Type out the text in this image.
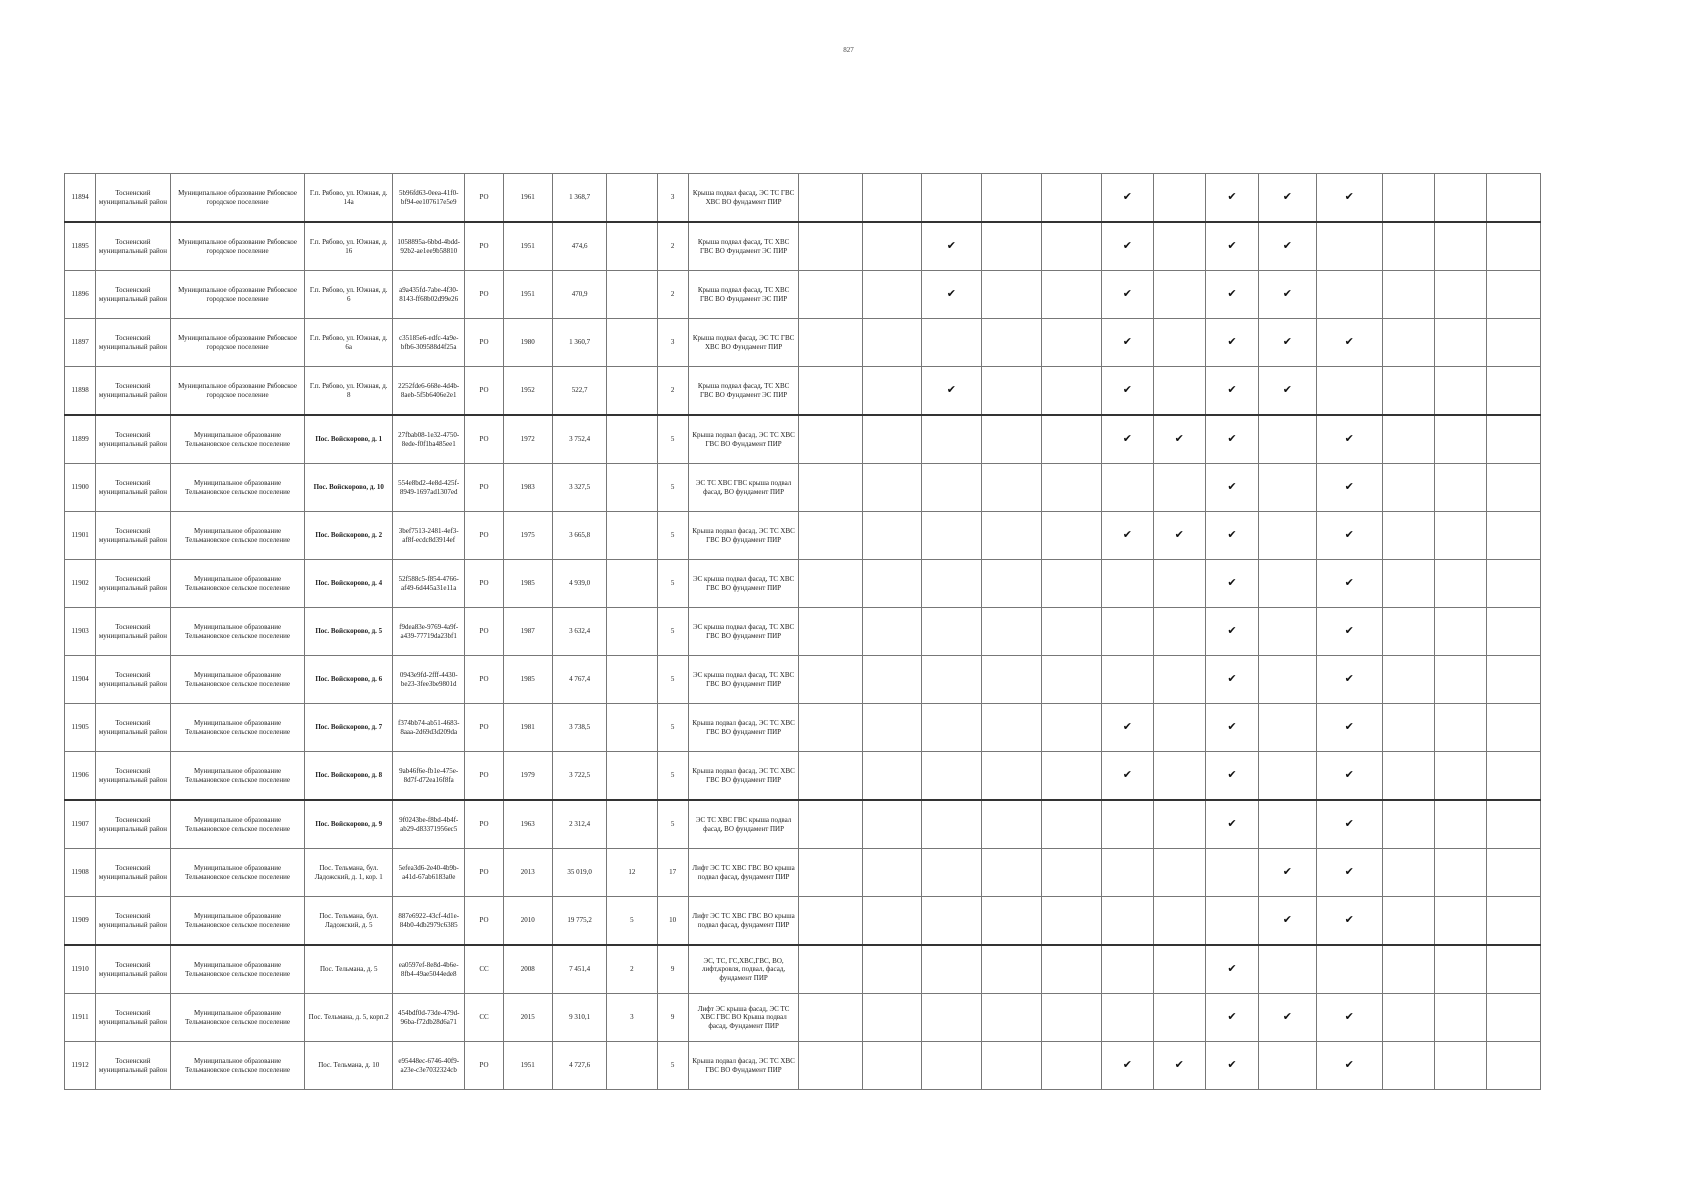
827
11894	Тосненский муниципальный район	Муниципальное образование Рябовское городское поселение	Г.п. Рябово, ул. Южная, д. 14а	5b96fd63-0eea-41f0-bf94-ee107617e5e9	РО	1961	1 368,7		3	Крыша подвал фасад, ЭС ТС ГВС ХВС ВО фундамент ПИР						✔		✔	✔	✔			
11895	Тосненский муниципальный район	Муниципальное образование Рябовское городское поселение	Г.п. Рябово, ул. Южная, д. 16	1058895a-6bbd-4bdd-92b2-ae1ee9b58810	РО	1951	474,6		2	Крыша подвал фасад, ТС ХВС ГВС ВО Фундамент ЭС ПИР			✔			✔		✔	✔				
11896	Тосненский муниципальный район	Муниципальное образование Рябовское городское поселение	Г.п. Рябово, ул. Южная, д. 6	a9a435fd-7abe-4f30-8143-ff68b02d99e26	РО	1951	470,9		2	Крыша подвал фасад, ТС ХВС ГВС ВО Фундамент ЭС ПИР			✔			✔		✔	✔				
11897	Тосненский муниципальный район	Муниципальное образование Рябовское городское поселение	Г.п. Рябово, ул. Южная, д. 6а	c35185e6-edfc-4a9e-bfb6-309588d4f25a	РО	1980	1 360,7		3	Крыша подвал фасад, ЭС ТС ГВС ХВС ВО Фундамент ПИР						✔		✔	✔	✔			
11898	Тосненский муниципальный район	Муниципальное образование Рябовское городское поселение	Г.п. Рябово, ул. Южная, д. 8	2252fde6-668e-4d4b-8aeb-5f5b6406e2e1	РО	1952	522,7		2	Крыша подвал фасад, ТС ХВС ГВС ВО Фундамент ЭС ПИР			✔			✔		✔	✔				
11899	Тосненский муниципальный район	Муниципальное образование Тельмановское сельское поселение	Пос. Войскорово, д. 1	27fbab08-1e32-4750-8ede-f0f1ba485ee1	РО	1972	3 752,4		5	Крыша подвал фасад, ЭС ТС ХВС ГВС ВО Фундамент ПИР						✔	✔	✔		✔			
11900	Тосненский муниципальный район	Муниципальное образование Тельмановское сельское поселение	Пос. Войскорово, д. 10	554e8bd2-4e8d-425f-8949-1697ad1307ed	РО	1983	3 327,5		5	ЭС ТС ХВС ГВС крыша подвал фасад, ВО фундамент ПИР								✔		✔			
11901	Тосненский муниципальный район	Муниципальное образование Тельмановское сельское поселение	Пос. Войскорово, д. 2	3bef7513-2481-4ef3-af8f-ecdc8d3914ef	РО	1975	3 665,8		5	Крыша подвал фасад, ЭС ТС ХВС ГВС ВО фундамент ПИР						✔	✔	✔		✔			
11902	Тосненский муниципальный район	Муниципальное образование Тельмановское сельское поселение	Пос. Войскорово, д. 4	52f588c5-f854-4766-af49-6d445a31e11a	РО	1985	4 939,0		5	ЭС крыша подвал фасад, ТС ХВС ГВС ВО фундамент ПИР								✔		✔			
11903	Тосненский муниципальный район	Муниципальное образование Тельмановское сельское поселение	Пос. Войскорово, д. 5	f9dea83e-9769-4a9f-a439-77719da23bf1	РО	1987	3 632,4		5	ЭС крыша подвал фасад, ТС ХВС ГВС ВО фундамент ПИР								✔		✔			
11904	Тосненский муниципальный район	Муниципальное образование Тельмановское сельское поселение	Пос. Войскорово, д. 6	0943e9fd-2fff-4430-be23-3fee3be9801d	РО	1985	4 767,4		5	ЭС крыша подвал фасад, ТС ХВС ГВС ВО фундамент ПИР								✔		✔			
11905	Тосненский муниципальный район	Муниципальное образование Тельмановское сельское поселение	Пос. Войскорово, д. 7	f374bb74-ab51-4683-8aaa-2d69d3d209da	РО	1981	3 738,5		5	Крыша подвал фасад, ЭС ТС ХВС ГВС ВО фундамент ПИР						✔		✔		✔			
11906	Тосненский муниципальный район	Муниципальное образование Тельмановское сельское поселение	Пос. Войскорово, д. 8	9ab46f6e-fb1e-475e-8d7f-d72ea16f8fa	РО	1979	3 722,5		5	Крыша подвал фасад, ЭС ТС ХВС ГВС ВО фундамент ПИР						✔		✔		✔			
11907	Тосненский муниципальный район	Муниципальное образование Тельмановское сельское поселение	Пос. Войскорово, д. 9	9f0243be-f8bd-4b4f-ab29-d83371956ec5	РО	1963	2 312,4		5	ЭС ТС ХВС ГВС крыша подвал фасад, ВО фундамент ПИР								✔		✔			
11908	Тосненский муниципальный район	Муниципальное образование Тельмановское сельское поселение	Пос. Тельмана, бул. Ладожский, д. 1, кор. 1	5efea3d6-2e40-4b9b-a41d-67ab6183a0e	РО	2013	35 019,0	12	17	Лифт ЭС ТС ХВС ГВС ВО крыша подвал фасад, фундамент ПИР									✔	✔			
11909	Тосненский муниципальный район	Муниципальное образование Тельмановское сельское поселение	Пос. Тельмана, бул. Ладожский, д. 5	887e6922-43cf-4d1e-84b0-4db2979c6385	РО	2010	19 775,2	5	10	Лифт ЭС ТС ХВС ГВС ВО крыша подвал фасад, фундамент ПИР									✔	✔			
11910	Тосненский муниципальный район	Муниципальное образование Тельмановское сельское поселение	Пос. Тельмана, д. 5	ea0597ef-8e8d-4b6e-8fb4-49ae5044ede8	СС	2008	7 451,4	2	9	ЭС, ТС, ГС,ХВС,ГВС, ВО, лифт,кровля, подвал, фасад, фундамент ПИР								✔					
11911	Тосненский муниципальный район	Муниципальное образование Тельмановское сельское поселение	Пос. Тельмана, д. 5, корп.2	454bdf0d-73de-479d-96ba-f72db28d6a71	СС	2015	9 310,1	3	9	Лифт ЭС крыша фасад, ЭС ТС ХВС ГВС ВО Крыша подвал фасад, Фундамент ПИР								✔	✔	✔			
11912	Тосненский муниципальный район	Муниципальное образование Тельмановское сельское поселение	Пос. Тельмана, д. 10	e95448ec-6746-40f9-a23e-c3e7032324cb	РО	1951	4 727,6		5	Крыша подвал фасад, ЭС ТС ХВС ГВС ВО Фундамент ПИР						✔	✔	✔		✔			
